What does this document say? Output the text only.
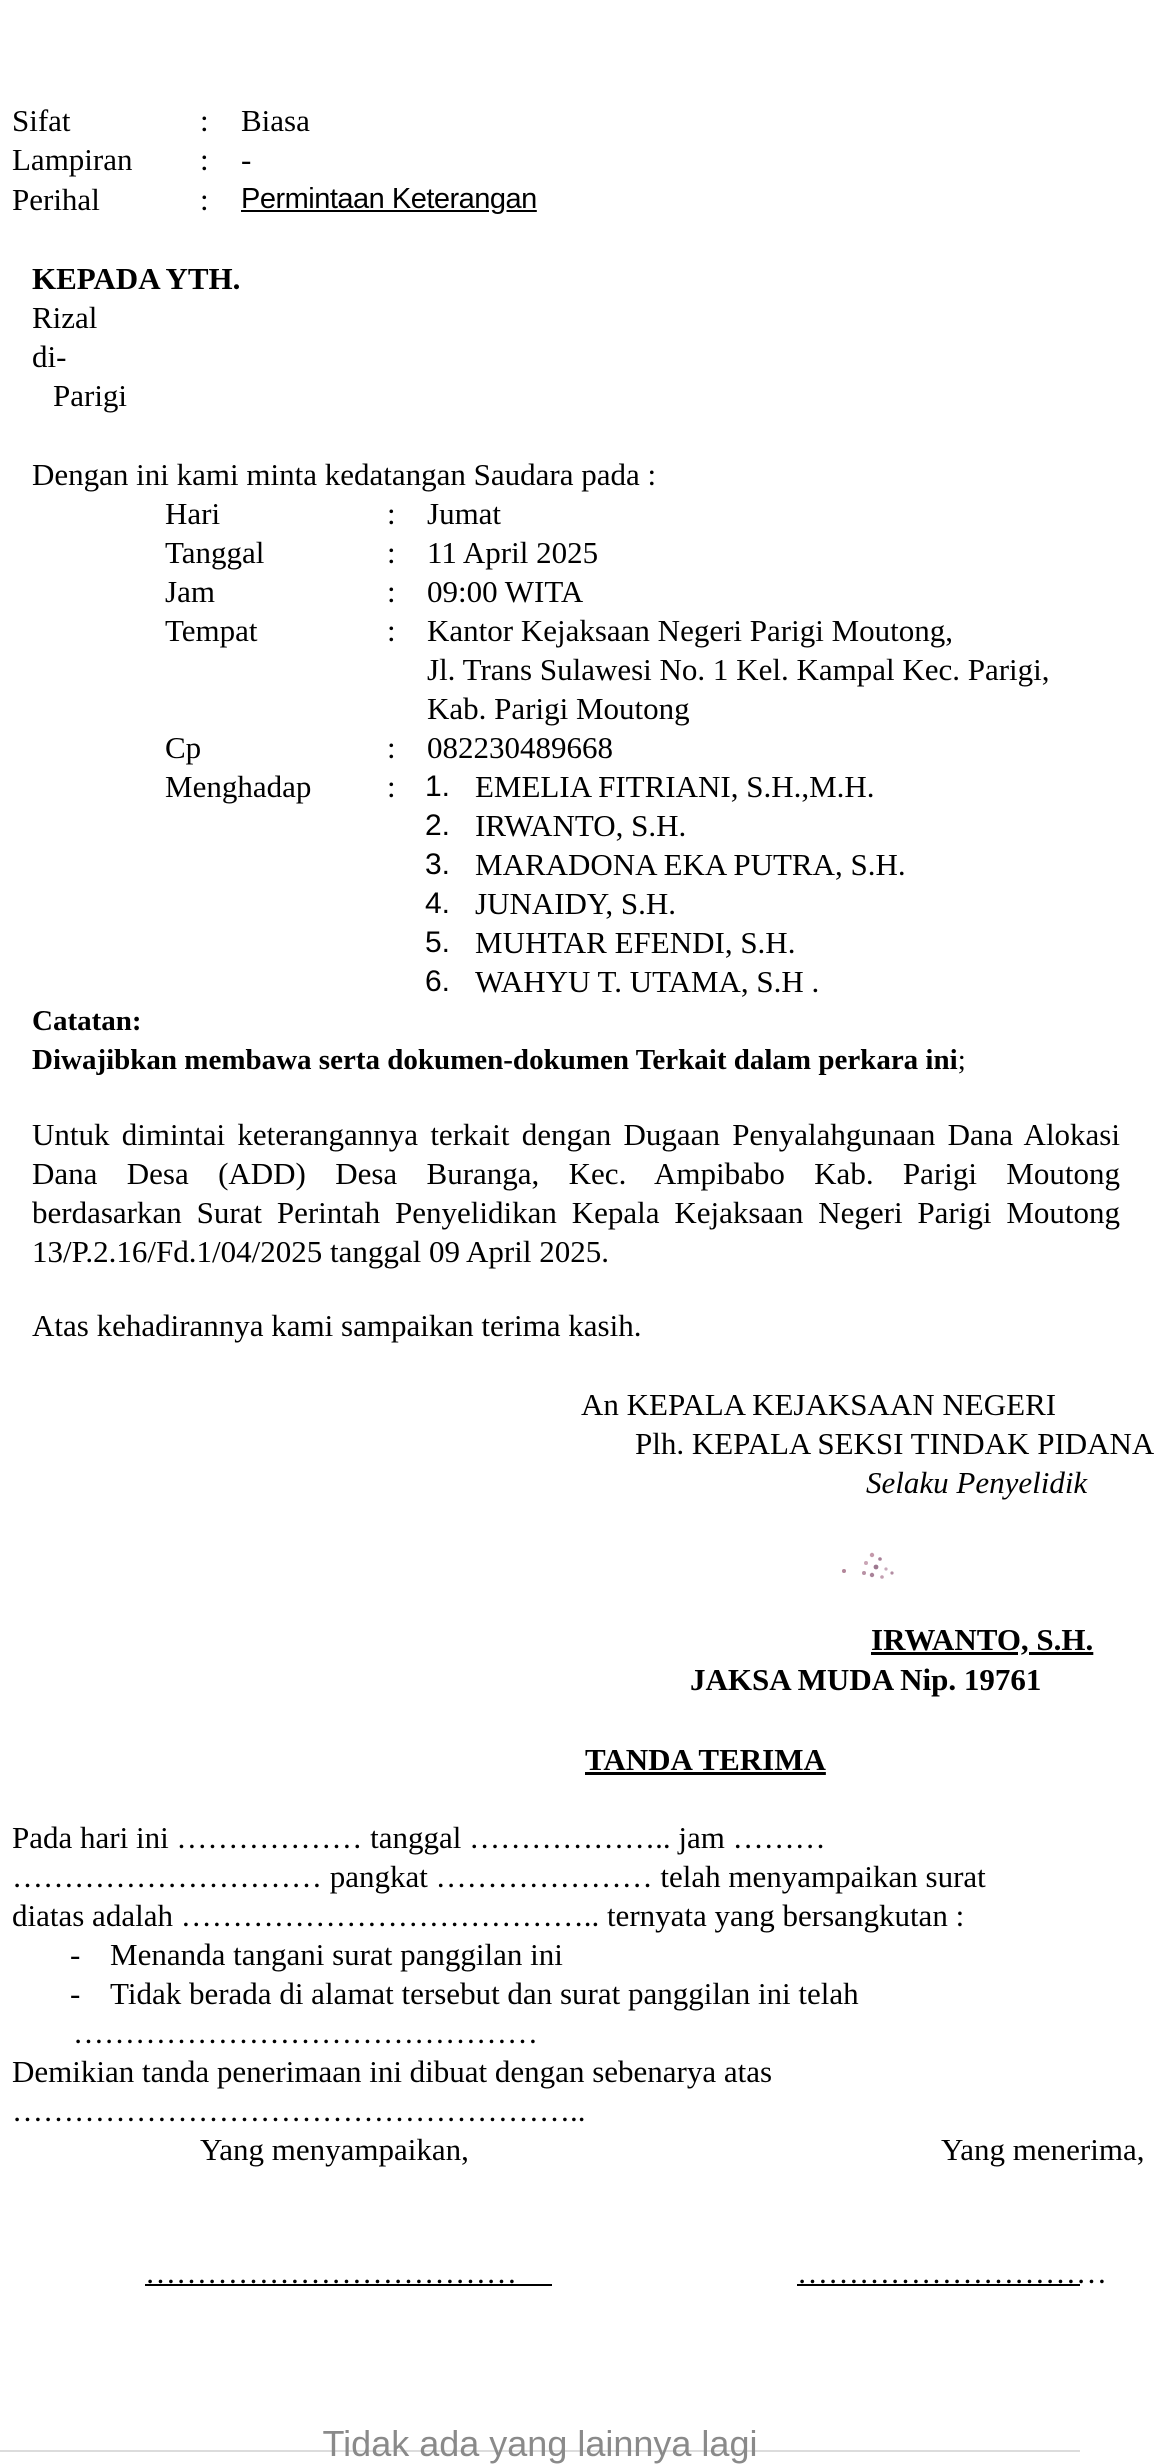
Sifat	: Biasa
Lampiran : -
Perihal	: Permintaan Keterangan
KEPADA YTH.
Rizal
di-
Parigi
Dengan ini kami minta kedatangan Saudara pada :
Hari	: Jumat
Tanggal	: 11 April 2025
Jam	: 09:00 WITA
Tempat	: Kantor Kejaksaan Negeri Parigi Moutong,
Jl. Trans Sulawesi No. 1 Kel. Kampal Kec. Parigi,
Kab. Parigi Moutong
Cp	: 082230489668
Menghadap : 1. EMELIA FITRIANI, S.H.,M.H.
2. IRWANTO, S.H.
3. MARADONA EKA PUTRA, S.H.
4. JUNAIDY, S.H.
5. MUHTAR EFENDI, S.H.
6. WAHYU T. UTAMA, S.H .
Catatan:
Diwajibkan membawa serta dokumen-dokumen Terkait dalam perkara ini;
Untuk dimintai keterangannya terkait dengan Dugaan Penyalahgunaan Dana Alokasi
Dana Desa (ADD) Desa Buranga, Kec. Ampibabo Kab. Parigi Moutong
berdasarkan Surat Perintah Penyelidikan Kepala Kejaksaan Negeri Parigi Moutong
13/P.2.16/Fd.1/04/2025 tanggal 09 April 2025.
Atas kehadirannya kami sampaikan terima kasih.
An KEPALA KEJAKSAAN NEGERI
Plh. KEPALA SEKSI TINDAK PIDANA
Selaku Penyelidik
IRWANTO, S.H.
JAKSA MUDA Nip. 19761
TANDA TERIMA
Pada hari ini ……………… tanggal ……………….. jam ………
………………………… pangkat ………………… telah menyampaikan surat
diatas adalah ………………………………….. ternyata yang bersangkutan :
- Menanda tangani surat panggilan ini
- Tidak berada di alamat tersebut dan surat panggilan ini telah
………………………………………
Demikian tanda penerimaan ini dibuat dengan sebenarya atas
………………………………………………..
Yang menyampaikan,	Yang menerima,
………………………………	…………………………
Tidak ada yang lainnya lagi
